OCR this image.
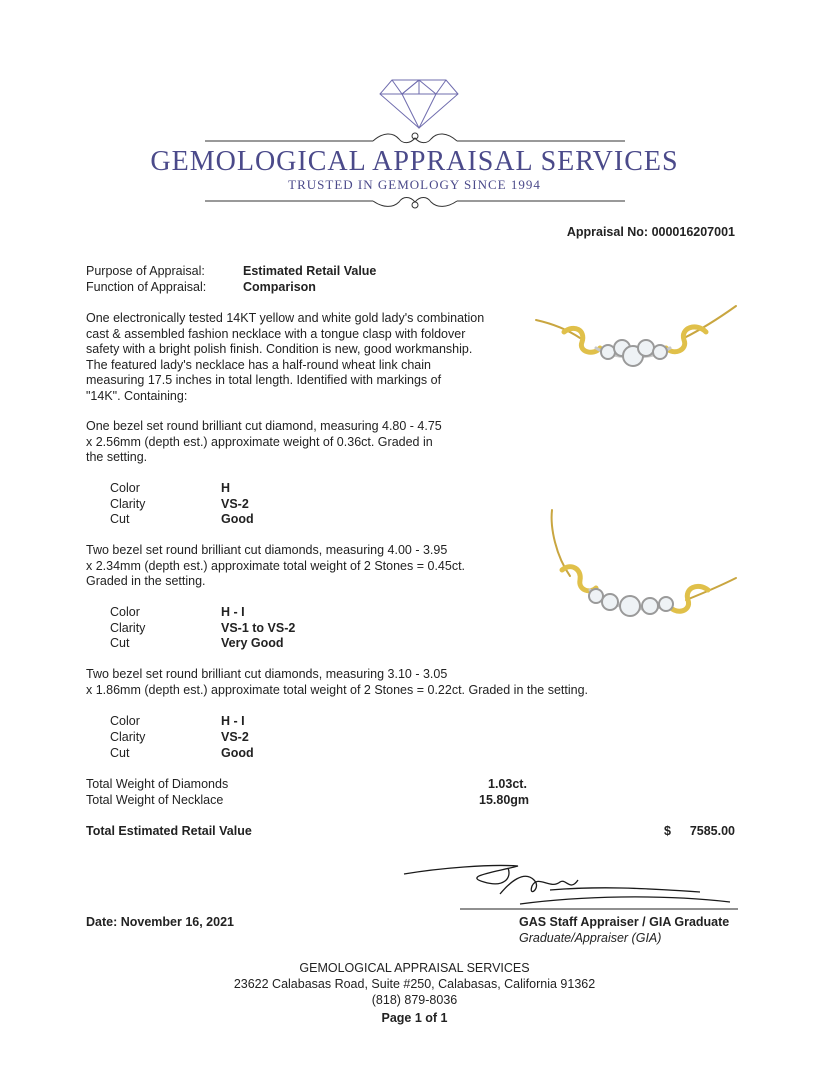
GEMOLOGICAL APPRAISAL SERVICES
TRUSTED IN GEMOLOGY SINCE 1994
Appraisal No: 000016207001
Purpose of Appraisal:	Estimated Retail Value
Function of Appraisal:	Comparison
One electronically tested 14KT yellow and white gold lady's combination
cast & assembled fashion necklace with a tongue clasp with foldover
safety with a bright polish finish. Condition is new, good workmanship.
The featured lady's necklace has a half-round wheat link chain
measuring 17.5 inches in total length. Identified with markings of
"14K". Containing:
One bezel set round brilliant cut diamond, measuring 4.80 - 4.75
x 2.56mm (depth est.) approximate weight of 0.36ct. Graded in
the setting.
Color	H
Clarity	VS-2
Cut	Good
Two bezel set round brilliant cut diamonds, measuring 4.00 - 3.95
x 2.34mm (depth est.) approximate total weight of 2 Stones = 0.45ct.
Graded in the setting.
Color	H - I
Clarity	VS-1 to VS-2
Cut	Very Good
Two bezel set round brilliant cut diamonds, measuring 3.10 - 3.05
x 1.86mm (depth est.) approximate total weight of 2 Stones = 0.22ct. Graded in the setting.
Color	H - I
Clarity	VS-2
Cut	Good
Total Weight of Diamonds	1.03ct.
Total Weight of Necklace	15.80gm
Total Estimated Retail Value	$ 7585.00
Date: November 16, 2021	GAS Staff Appraiser / GIA Graduate
Graduate/Appraiser (GIA)
GEMOLOGICAL APPRAISAL SERVICES
23622 Calabasas Road, Suite #250, Calabasas, California 91362
(818) 879-8036
Page 1 of 1
